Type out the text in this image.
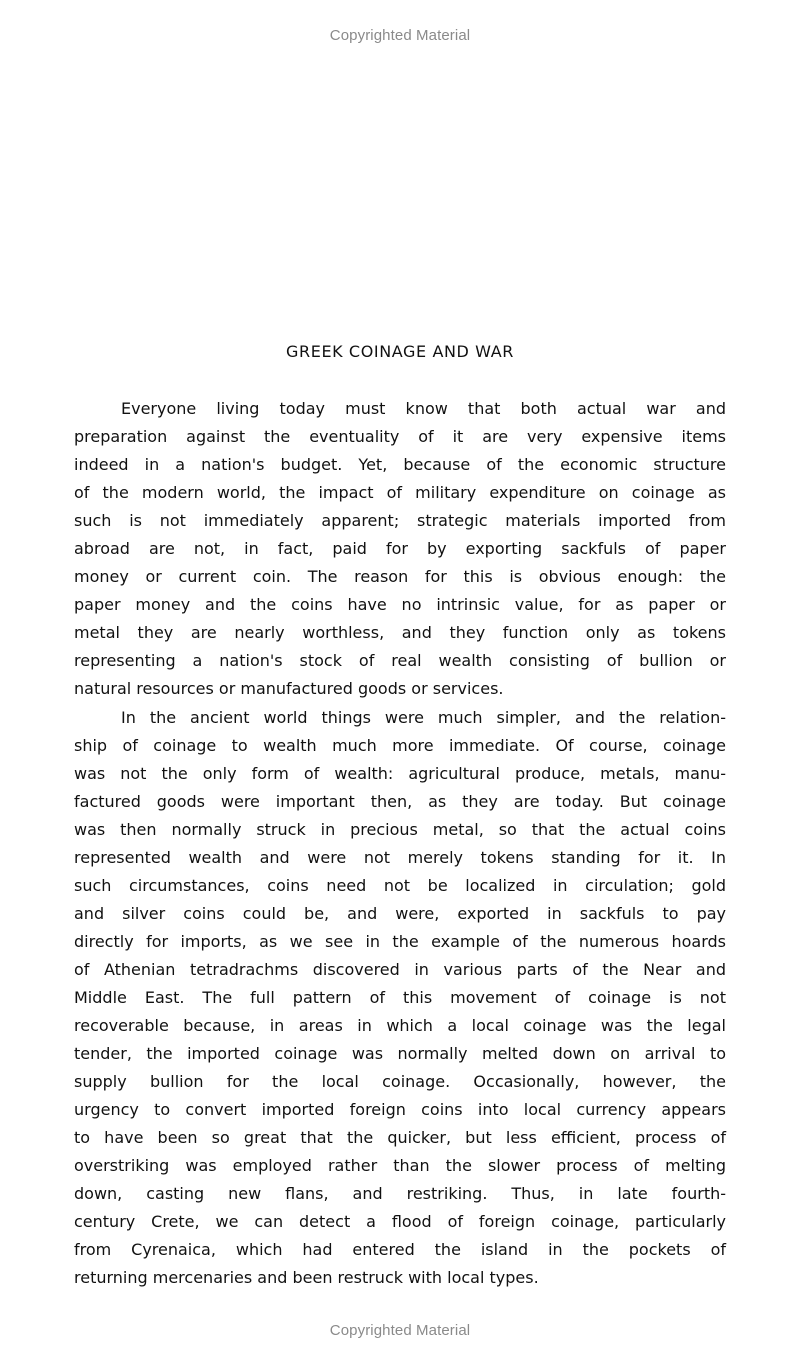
Copyrighted Material
GREEK COINAGE AND WAR
Everyone living today must know that both actual war and
preparation against the eventuality of it are very expensive items
indeed in a nation's budget. Yet, because of the economic structure
of the modern world, the impact of military expenditure on coinage as
such is not immediately apparent; strategic materials imported from
abroad are not, in fact, paid for by exporting sackfuls of paper
money or current coin. The reason for this is obvious enough: the
paper money and the coins have no intrinsic value, for as paper or
metal they are nearly worthless, and they function only as tokens
representing a nation's stock of real wealth consisting of bullion or
natural resources or manufactured goods or services.
In the ancient world things were much simpler, and the relation-
ship of coinage to wealth much more immediate. Of course, coinage
was not the only form of wealth: agricultural produce, metals, manu-
factured goods were important then, as they are today. But coinage
was then normally struck in precious metal, so that the actual coins
represented wealth and were not merely tokens standing for it. In
such circumstances, coins need not be localized in circulation; gold
and silver coins could be, and were, exported in sackfuls to pay
directly for imports, as we see in the example of the numerous hoards
of Athenian tetradrachms discovered in various parts of the Near and
Middle East. The full pattern of this movement of coinage is not
recoverable because, in areas in which a local coinage was the legal
tender, the imported coinage was normally melted down on arrival to
supply bullion for the local coinage. Occasionally, however, the
urgency to convert imported foreign coins into local currency appears
to have been so great that the quicker, but less efficient, process of
overstriking was employed rather than the slower process of melting
down, casting new flans, and restriking. Thus, in late fourth-
century Crete, we can detect a flood of foreign coinage, particularly
from Cyrenaica, which had entered the island in the pockets of
returning mercenaries and been restruck with local types.
Copyrighted Material
